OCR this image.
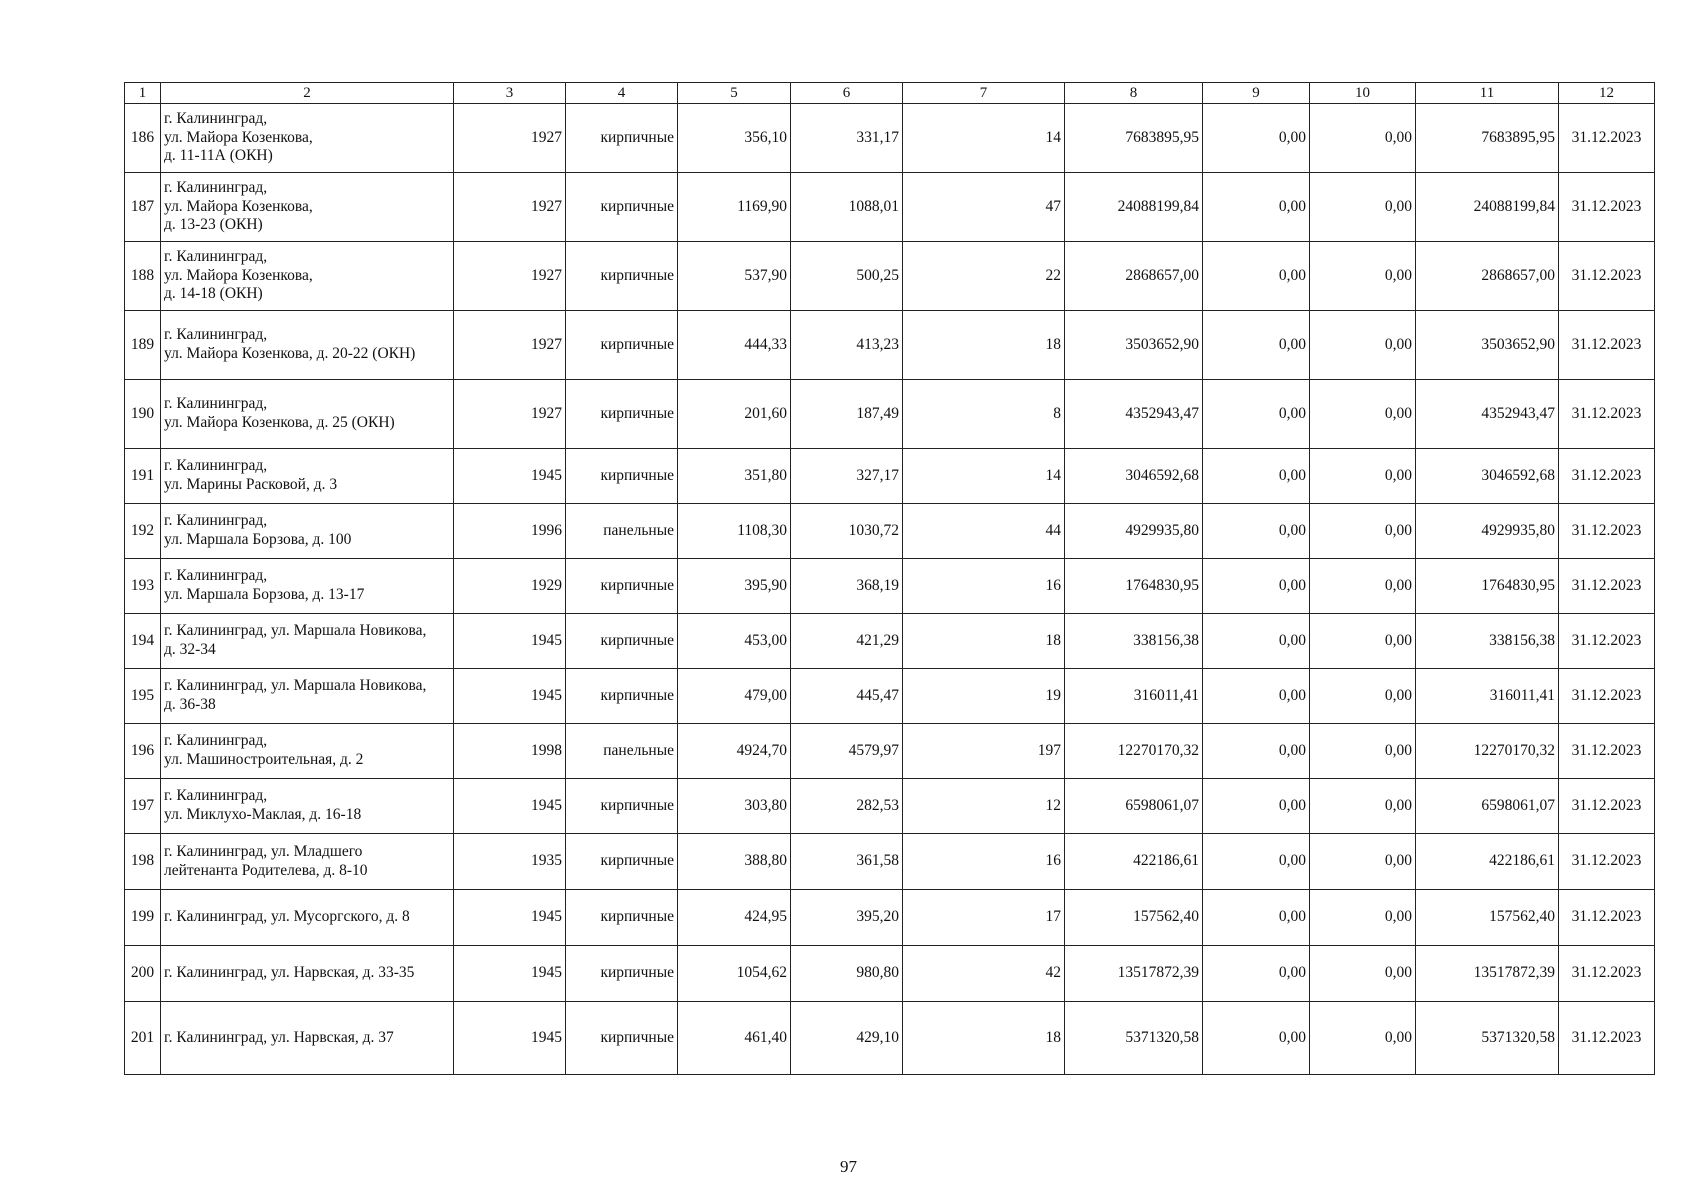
1	2	3	4	5	6	7	8	9	10	11	12
186	г. Калининград,
ул. Майора Козенкова,
д. 11-11А (ОКН)	1927	кирпичные	356,10	331,17	14	7683895,95	0,00	0,00	7683895,95	31.12.2023
187	г. Калининград,
ул. Майора Козенкова,
д. 13-23 (ОКН)	1927	кирпичные	1169,90	1088,01	47	24088199,84	0,00	0,00	24088199,84	31.12.2023
188	г. Калининград,
ул. Майора Козенкова,
д. 14-18 (ОКН)	1927	кирпичные	537,90	500,25	22	2868657,00	0,00	0,00	2868657,00	31.12.2023
189	г. Калининград,
ул. Майора Козенкова, д. 20-22 (ОКН)	1927	кирпичные	444,33	413,23	18	3503652,90	0,00	0,00	3503652,90	31.12.2023
190	г. Калининград,
ул. Майора Козенкова, д. 25 (ОКН)	1927	кирпичные	201,60	187,49	8	4352943,47	0,00	0,00	4352943,47	31.12.2023
191	г. Калининград,
ул. Марины Расковой, д. 3	1945	кирпичные	351,80	327,17	14	3046592,68	0,00	0,00	3046592,68	31.12.2023
192	г. Калининград,
ул. Маршала Борзова, д. 100	1996	панельные	1108,30	1030,72	44	4929935,80	0,00	0,00	4929935,80	31.12.2023
193	г. Калининград,
ул. Маршала Борзова, д. 13-17	1929	кирпичные	395,90	368,19	16	1764830,95	0,00	0,00	1764830,95	31.12.2023
194	г. Калининград, ул. Маршала Новикова,
д. 32-34	1945	кирпичные	453,00	421,29	18	338156,38	0,00	0,00	338156,38	31.12.2023
195	г. Калининград, ул. Маршала Новикова,
д. 36-38	1945	кирпичные	479,00	445,47	19	316011,41	0,00	0,00	316011,41	31.12.2023
196	г. Калининград,
ул. Машиностроительная, д. 2	1998	панельные	4924,70	4579,97	197	12270170,32	0,00	0,00	12270170,32	31.12.2023
197	г. Калининград,
ул. Миклухо-Маклая, д. 16-18	1945	кирпичные	303,80	282,53	12	6598061,07	0,00	0,00	6598061,07	31.12.2023
198	г. Калининград, ул. Младшего
лейтенанта Родителева, д. 8-10	1935	кирпичные	388,80	361,58	16	422186,61	0,00	0,00	422186,61	31.12.2023
199	г. Калининград, ул. Мусоргского, д. 8	1945	кирпичные	424,95	395,20	17	157562,40	0,00	0,00	157562,40	31.12.2023
200	г. Калининград, ул. Нарвская, д. 33-35	1945	кирпичные	1054,62	980,80	42	13517872,39	0,00	0,00	13517872,39	31.12.2023
201	г. Калининград, ул. Нарвская, д. 37	1945	кирпичные	461,40	429,10	18	5371320,58	0,00	0,00	5371320,58	31.12.2023
97
